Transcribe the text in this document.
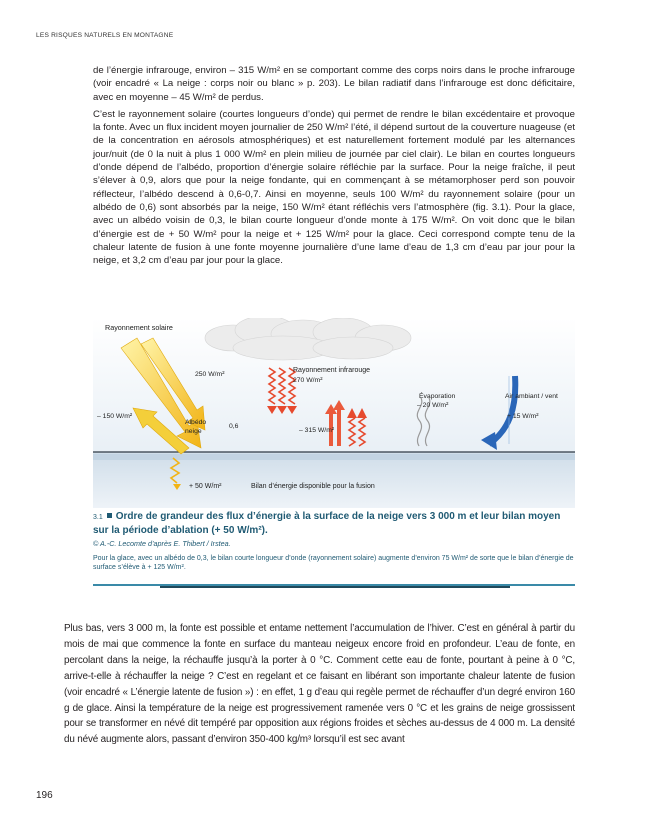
LES RISQUES NATURELS EN MONTAGNE

de l’énergie infrarouge, environ – 315 W/m² en se comportant comme des corps noirs dans le proche infrarouge (voir encadré « La neige : corps noir ou blanc » p. 203). Le bilan radiatif dans l’infrarouge est donc déficitaire, avec en moyenne – 45 W/m² de perdus.

C’est le rayonnement solaire (courtes longueurs d’onde) qui permet de rendre le bilan excédentaire et provoque la fonte. Avec un flux incident moyen journalier de 250 W/m² l’été, il dépend surtout de la couverture nuageuse (et de la concentration en aérosols atmosphériques) et est naturellement fortement modulé par les alternances jour/nuit (de 0 la nuit à plus 1 000 W/m² en plein milieu de journée par ciel clair). Le bilan en courtes longueurs d’onde dépend de l’albédo, proportion d’énergie solaire réfléchie par la surface. Pour la neige fraîche, il peut s’élever à 0,9, alors que pour la neige fondante, qui en commençant à se métamorphoser perd son pouvoir réflecteur, l’albédo descend à 0,6-0,7. Ainsi en moyenne, seuls 100 W/m² du rayonnement solaire (pour un albédo de 0,6) sont absorbés par la neige, 150 W/m² étant réfléchis vers l’atmosphère (fig. 3.1). Pour la glace, avec un albédo voisin de 0,3, le bilan courte longueur d’onde monte à 175 W/m². On voit donc que le bilan d’énergie est de + 50 W/m² pour la neige et + 125 W/m² pour la glace. Ceci correspond compte tenu de la chaleur latente de fusion à une fonte moyenne journalière d’une lame d’eau de 1,3 cm d’eau par jour pour la neige, et 3,2 cm d’eau par jour pour la glace.

Rayonnement solaire
250 W/m²
– 150 W/m²
Albédo
neige
0,6
Rayonnement infrarouge
270 W/m²
– 315 W/m²
Évaporation
– 20 W/m²
Air ambiant / vent
+ 15 W/m²
+ 50 W/m²	Bilan d’énergie disponible pour la fusion
3.1 Ordre de grandeur des flux d’énergie à la surface de la neige vers 3 000 m et leur bilan moyen sur la période d’ablation (+ 50 W/m²).
© A.-C. Lecomte d’après E. Thibert / Irstea.
Pour la glace, avec un albédo de 0,3, le bilan courte longueur d’onde (rayonnement solaire) augmente d’environ 75 W/m² de sorte que le bilan d’énergie de surface s’élève à + 125 W/m².
Plus bas, vers 3 000 m, la fonte est possible et entame nettement l’accumulation de l’hiver. C’est en général à partir du mois de mai que commence la fonte en surface du manteau neigeux encore froid en profondeur. L’eau de fonte, en percolant dans la neige, la réchauffe jusqu’à la porter à 0 °C. Comment cette eau de fonte, pourtant à peine à 0 °C, arrive-t-elle à réchauffer la neige ? C’est en regelant et ce faisant en libérant son importante chaleur latente de fusion (voir encadré « L’énergie latente de fusion ») : en effet, 1 g d’eau qui regèle permet de réchauffer d’un degré environ 160 g de glace. Ainsi la température de la neige est progressivement ramenée vers 0 °C et les grains de neige grossissent pour se transformer en névé dit tempéré par opposition aux régions froides et sèches au-dessus de 4 000 m. La densité du névé augmente alors, passant d’environ 350-400 kg/m³ lorsqu’il est sec avant
196
